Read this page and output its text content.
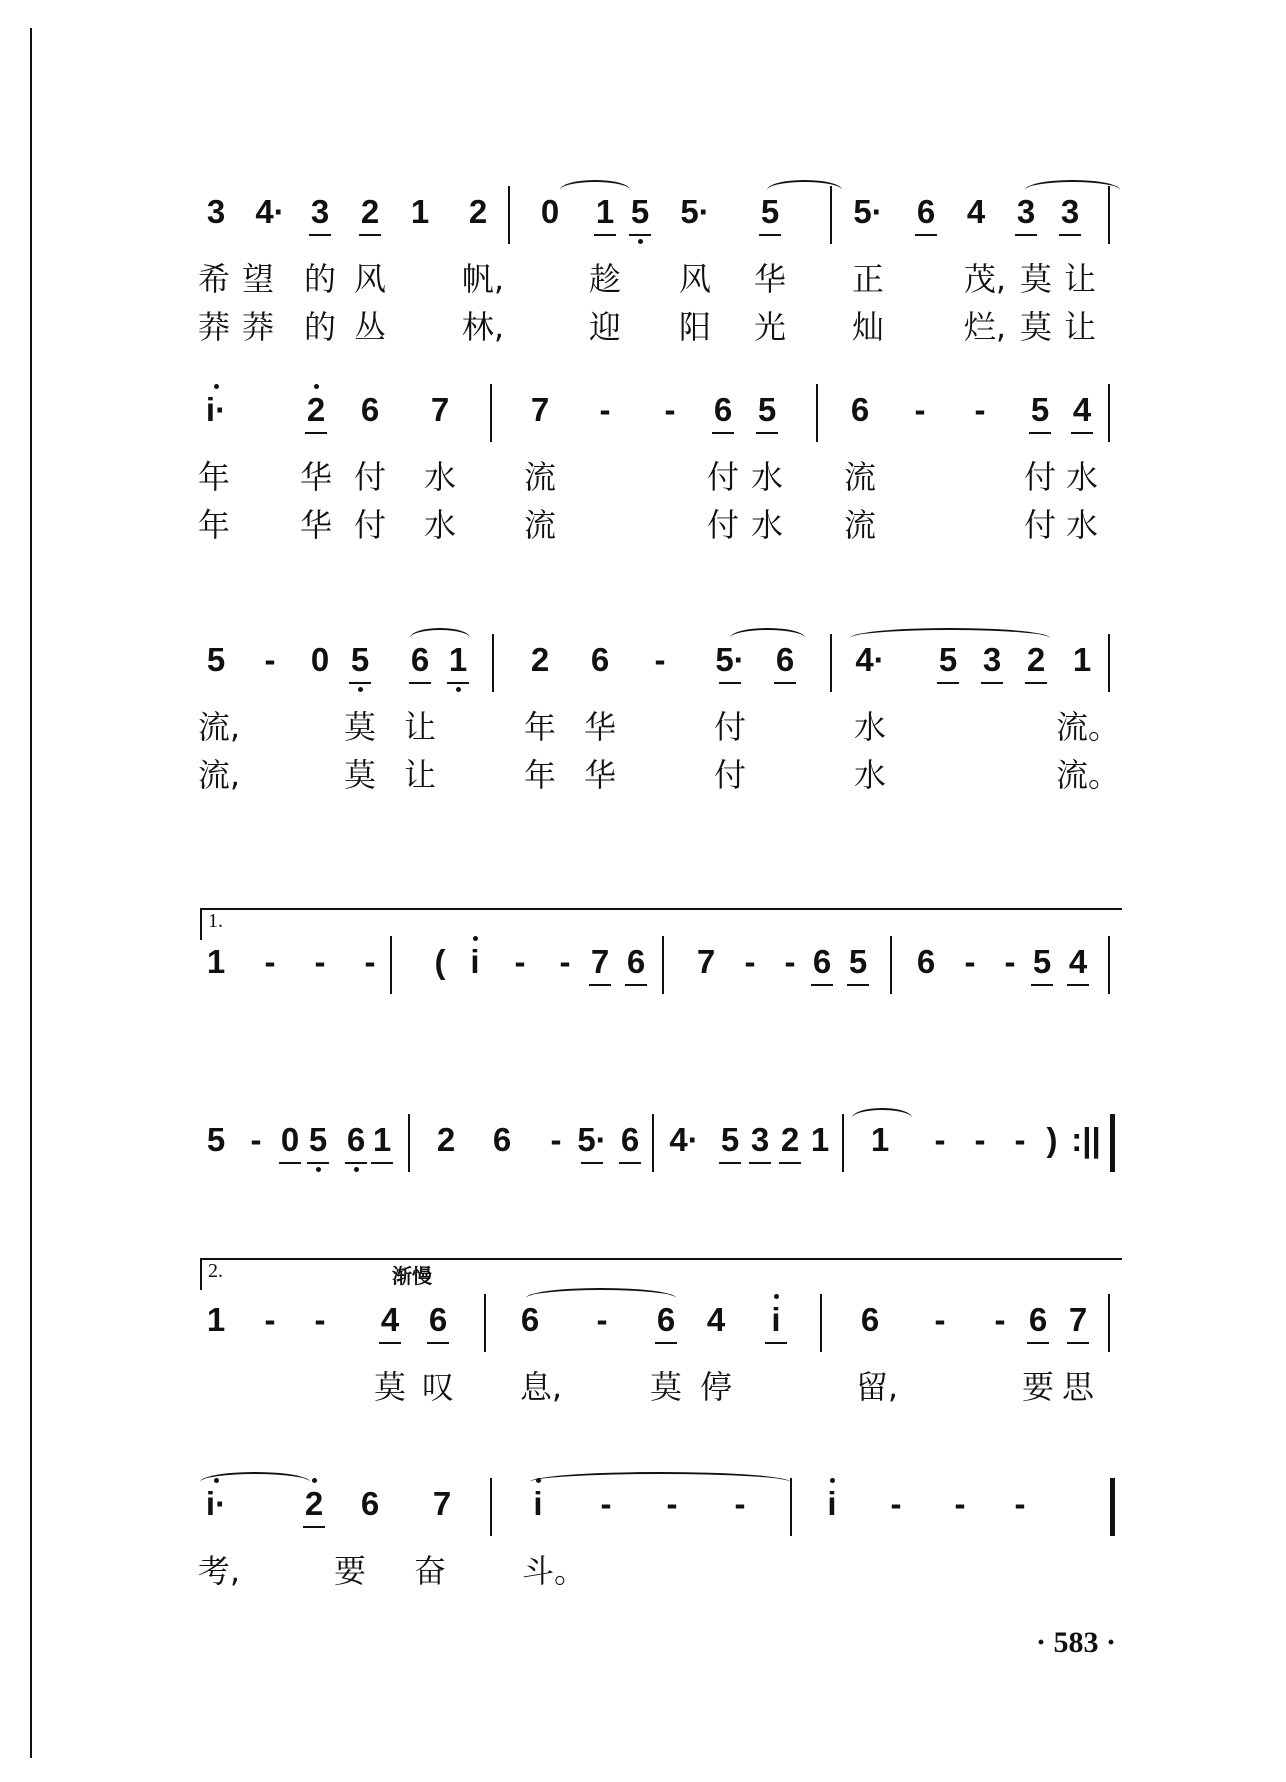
3 4· 3 2 1	2	0	1 5 5·	5	5·	6 4 3 3
希 望 的 风 帆,	趁 风 华 正 茂, 莫 让
莽 莽 的 丛 林,	迎 阳 光 灿 烂, 莫 让
i·	2	6	7	7	-	-	6 5	6	-	-	5 4
年 华 付 水 流	付 水 流	付 水
年 华 付 水 流	付 水 流	付 水
5	-	0 5	6 1	2	6	-	5· 6	4·	5 3 2 1
流,	莫 让	年 华	付	水	流。
流,	莫 让	年 华	付	水	流。
1.
1	-	-	-	( i	-	- 7 6	7 - - 6 5	6 - - 5 4
5 - 0 5 6 1	2	6	- 5· 6 4· 5 3 2 1	1	- - - ) :||
2.	渐慢
1	-	-	4 6	6	-	6 4	i	6	-	- 6 7
莫 叹 息,	莫 停	留,	要 思
i·	2	6	7	i	-	-	-	i	-	-	-
考,	要 奋 斗。
· 583 ·
